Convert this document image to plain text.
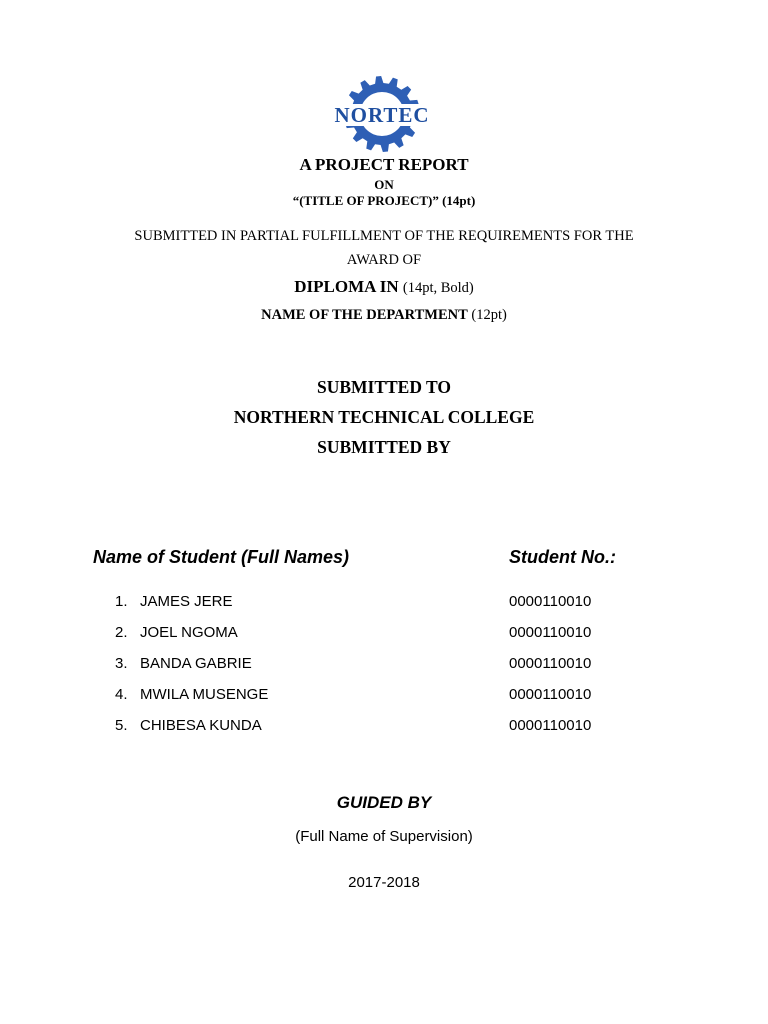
NORTEC
A PROJECT REPORT
ON
“(TITLE OF PROJECT)” (14pt)
SUBMITTED IN PARTIAL FULFILLMENT OF THE REQUIREMENTS FOR THE
AWARD OF
DIPLOMA IN (14pt, Bold)
NAME OF THE DEPARTMENT (12pt)
SUBMITTED TO
NORTHERN TECHNICAL COLLEGE
SUBMITTED BY
Name of Student (Full Names)	Student No.:
1. JAMES JERE	0000110010
2. JOEL NGOMA	0000110010
3. BANDA GABRIE	0000110010
4. MWILA MUSENGE	0000110010
5. CHIBESA KUNDA	0000110010
GUIDED BY
(Full Name of Supervision)
2017-2018
